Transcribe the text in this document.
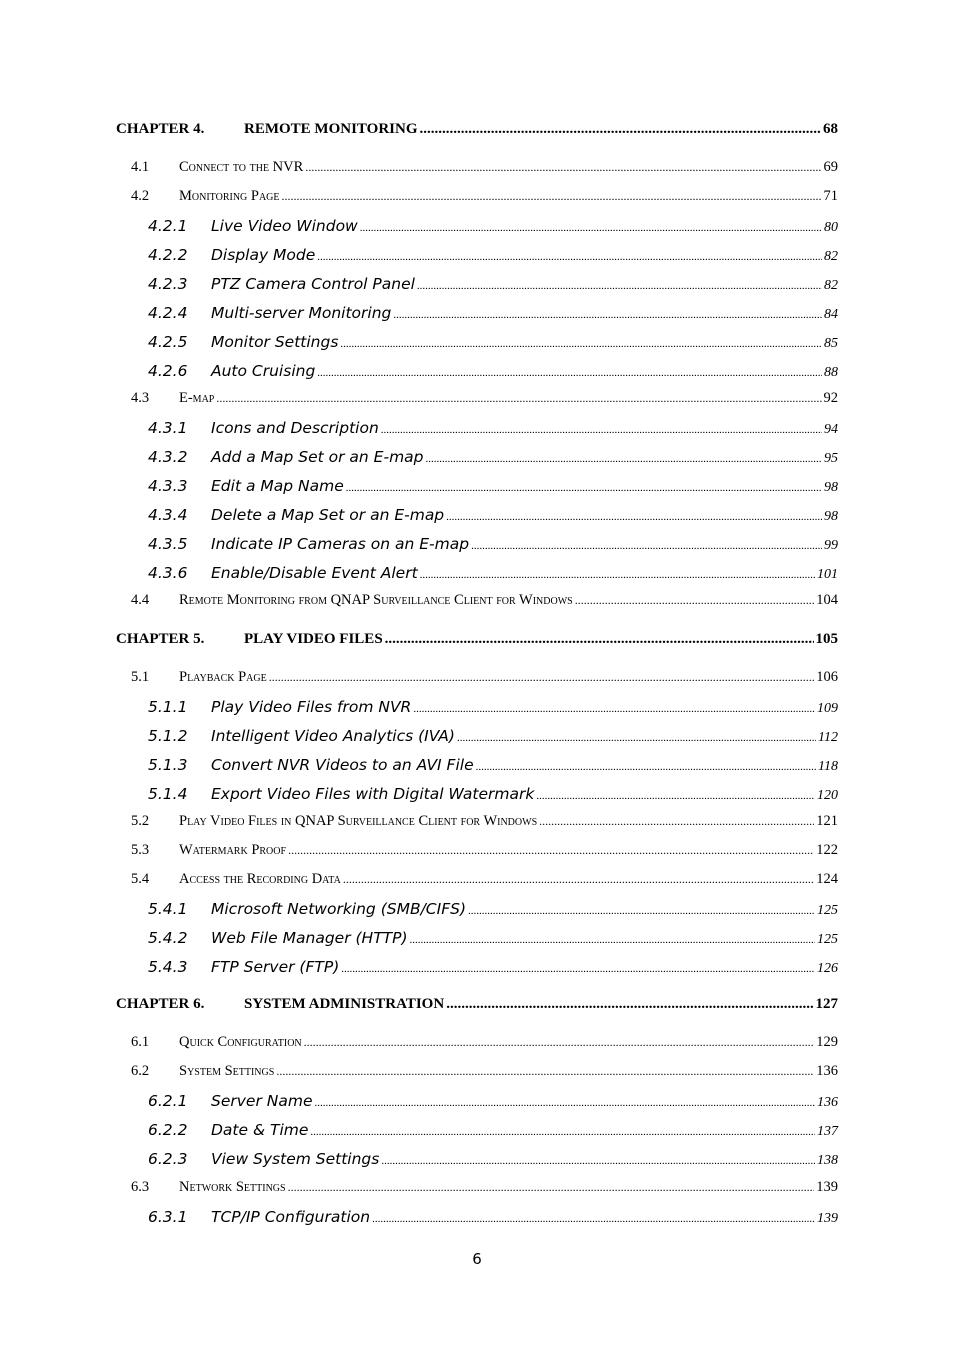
CHAPTER 4.	REMOTE MONITORING .....	68
4.1	Connect to the NVR .....	69
4.2	Monitoring Page .....	71
4.2.1	Live Video Window .....	80
4.2.2	Display Mode .....	82
4.2.3	PTZ Camera Control Panel .....	82
4.2.4	Multi-server Monitoring .....	84
4.2.5	Monitor Settings .....	85
4.2.6	Auto Cruising .....	88
4.3	E-map .....	92
4.3.1	Icons and Description .....	94
4.3.2	Add a Map Set or an E-map .....	95
4.3.3	Edit a Map Name .....	98
4.3.4	Delete a Map Set or an E-map .....	98
4.3.5	Indicate IP Cameras on an E-map .....	99
4.3.6	Enable/Disable Event Alert .....	101
4.4	Remote Monitoring from QNAP Surveillance Client for Windows .....	104
CHAPTER 5.	PLAY VIDEO FILES .....	105
5.1	Playback Page .....	106
5.1.1	Play Video Files from NVR .....	109
5.1.2	Intelligent Video Analytics (IVA) .....	112
5.1.3	Convert NVR Videos to an AVI File .....	118
5.1.4	Export Video Files with Digital Watermark .....	120
5.2	Play Video Files in QNAP Surveillance Client for Windows .....	121
5.3	Watermark Proof .....	122
5.4	Access the Recording Data .....	124
5.4.1	Microsoft Networking (SMB/CIFS) .....	125
5.4.2	Web File Manager (HTTP) .....	125
5.4.3	FTP Server (FTP) .....	126
CHAPTER 6.	SYSTEM ADMINISTRATION .....	127
6.1	Quick Configuration .....	129
6.2	System Settings .....	136
6.2.1	Server Name .....	136
6.2.2	Date & Time .....	137
6.2.3	View System Settings .....	138
6.3	Network Settings .....	139
6.3.1	TCP/IP Configuration .....	139
6
